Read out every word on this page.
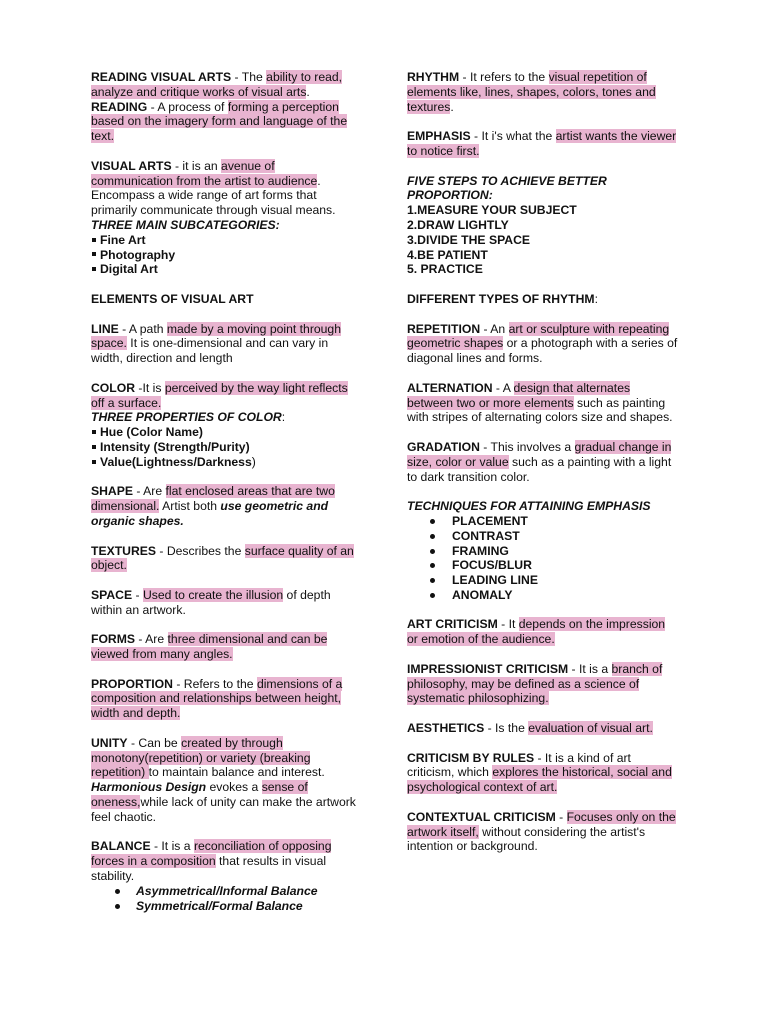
READING VISUAL ARTS - The ability to read, analyze and critique works of visual arts.

READING - A process of forming a perception based on the imagery form and language of the text.

VISUAL ARTS - it is an avenue of communication from the artist to audience. Encompass a wide range of art forms that primarily communicate through visual means.

THREE MAIN SUBCATEGORIES:

Fine Art

Photography

Digital Art

ELEMENTS OF VISUAL ART

LINE - A path made by a moving point through space. It is one-dimensional and can vary in width, direction and length

COLOR -It is perceived by the way light reflects off a surface.

THREE PROPERTIES OF COLOR:

Hue (Color Name)

Intensity (Strength/Purity)

Value(Lightness/Darkness)

SHAPE - Are flat enclosed areas that are two dimensional. Artist both use geometric and organic shapes.

TEXTURES - Describes the surface quality of an object.

SPACE - Used to create the illusion of depth within an artwork.

FORMS - Are three dimensional and can be viewed from many angles.

PROPORTION - Refers to the dimensions of a composition and relationships between height, width and depth.

UNITY - Can be created by through monotony(repetition) or variety (breaking repetition) to maintain balance and interest. Harmonious Design evokes a sense of oneness,while lack of unity can make the artwork feel chaotic.

BALANCE - It is a reconciliation of opposing forces in a composition that results in visual stability.

Asymmetrical/Informal Balance

Symmetrical/Formal Balance

RHYTHM - It refers to the visual repetition of elements like, lines, shapes, colors, tones and textures.

EMPHASIS - It i's what the artist wants the viewer to notice first.

FIVE STEPS TO ACHIEVE BETTER PROPORTION:

1.MEASURE YOUR SUBJECT

2.DRAW LIGHTLY

3.DIVIDE THE SPACE

4.BE PATIENT

5. PRACTICE

DIFFERENT TYPES OF RHYTHM:

REPETITION - An art or sculpture with repeating geometric shapes or a photograph with a series of diagonal lines and forms.

ALTERNATION - A design that alternates between two or more elements such as painting with stripes of alternating colors size and shapes.

GRADATION - This involves a gradual change in size, color or value such as a painting with a light to dark transition color.

TECHNIQUES FOR ATTAINING EMPHASIS

PLACEMENT

CONTRAST

FRAMING

FOCUS/BLUR

LEADING LINE

ANOMALY

ART CRITICISM - It depends on the impression or emotion of the audience.

IMPRESSIONIST CRITICISM - It is a branch of philosophy, may be defined as a science of systematic philosophizing.

AESTHETICS - Is the evaluation of visual art.

CRITICISM BY RULES - It is a kind of art criticism, which explores the historical, social and psychological context of art.

CONTEXTUAL CRITICISM - Focuses only on the artwork itself, without considering the artist's intention or background.
